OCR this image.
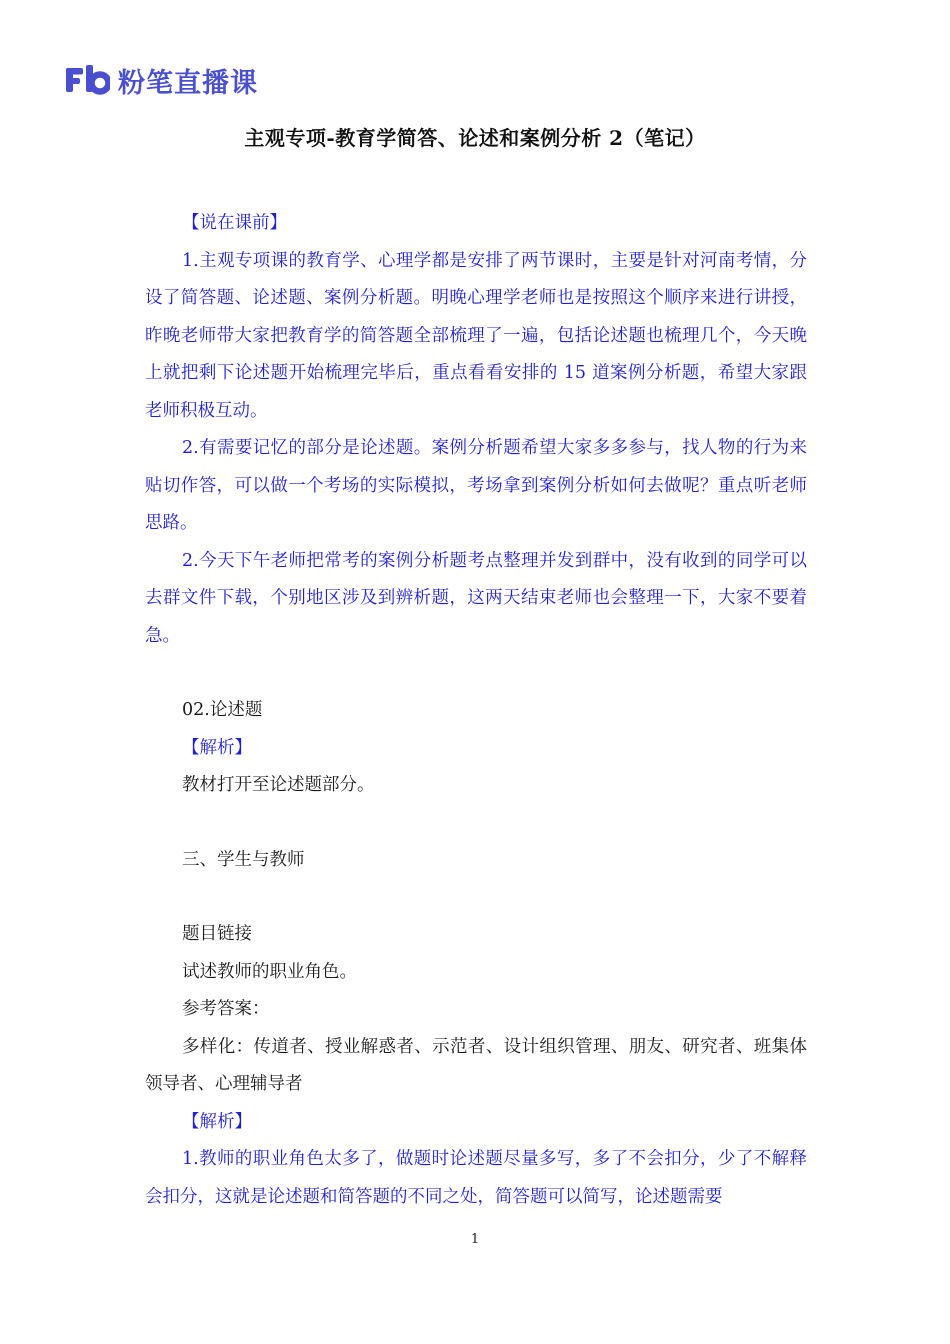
粉笔直播课
主观专项-教育学简答、论述和案例分析 2（笔记）

【说在课前】

1.主观专项课的教育学、心理学都是安排了两节课时，主要是针对河南考情，分设了简答题、论述题、案例分析题。明晚心理学老师也是按照这个顺序来进行讲授，昨晚老师带大家把教育学的简答题全部梳理了一遍，包括论述题也梳理几个，今天晚上就把剩下论述题开始梳理完毕后，重点看看安排的 15 道案例分析题，希望大家跟老师积极互动。

2.有需要记忆的部分是论述题。案例分析题希望大家多多参与，找人物的行为来贴切作答，可以做一个考场的实际模拟，考场拿到案例分析如何去做呢？重点听老师思路。

2.今天下午老师把常考的案例分析题考点整理并发到群中，没有收到的同学可以去群文件下载，个别地区涉及到辨析题，这两天结束老师也会整理一下，大家不要着急。

02.论述题

【解析】

教材打开至论述题部分。

三、学生与教师

题目链接

试述教师的职业角色。

参考答案：

多样化：传道者、授业解惑者、示范者、设计组织管理、朋友、研究者、班集体领导者、心理辅导者

【解析】

1.教师的职业角色太多了，做题时论述题尽量多写，多了不会扣分，少了不解释会扣分，这就是论述题和简答题的不同之处，简答题可以简写，论述题需要

1
